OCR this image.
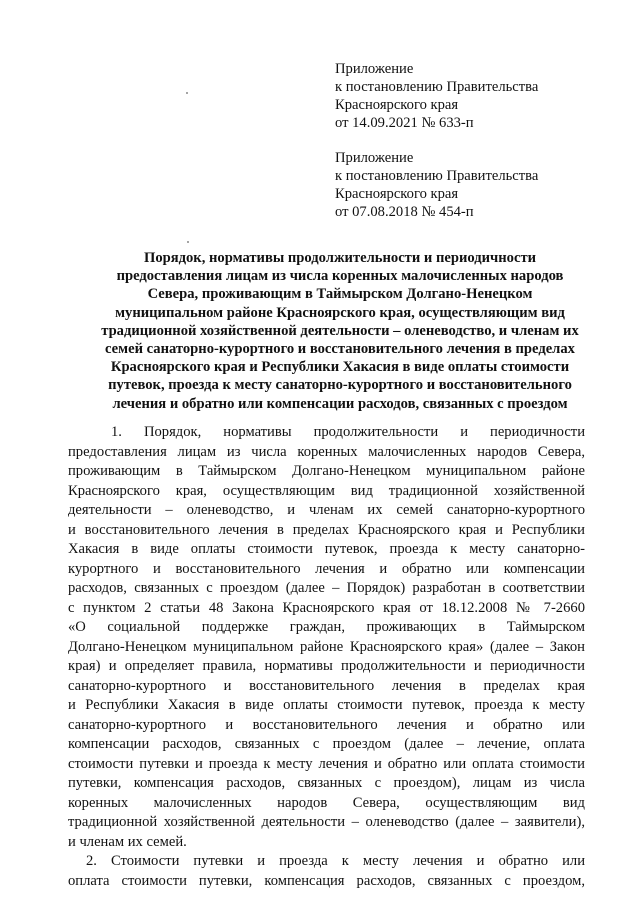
Приложение
к постановлению Правительства
Красноярского края
от 14.09.2021 № 633-п
Приложение
к постановлению Правительства
Красноярского края
от 07.08.2018 № 454-п
Порядок, нормативы продолжительности и периодичности
предоставления лицам из числа коренных малочисленных народов
Севера, проживающим в Таймырском Долгано-Ненецком
муниципальном районе Красноярского края, осуществляющим вид
традиционной хозяйственной деятельности – оленеводство, и членам их
семей санаторно-курортного и восстановительного лечения в пределах
Красноярского края и Республики Хакасия в виде оплаты стоимости
путевок, проезда к месту санаторно-курортного и восстановительного
лечения и обратно или компенсации расходов, связанных с проездом
1. Порядок, нормативы продолжительности и периодичности
предоставления лицам из числа коренных малочисленных народов Севера,
проживающим в Таймырском Долгано-Ненецком муниципальном районе
Красноярского края, осуществляющим вид традиционной хозяйственной
деятельности – оленеводство, и членам их семей санаторно-курортного
и восстановительного лечения в пределах Красноярского края и Республики
Хакасия в виде оплаты стоимости путевок, проезда к месту санаторно-
курортного и восстановительного лечения и обратно или компенсации
расходов, связанных с проездом (далее – Порядок) разработан в соответствии
с пунктом 2 статьи 48 Закона Красноярского края от 18.12.2008 № 7-2660
«О социальной поддержке граждан, проживающих в Таймырском
Долгано-Ненецком муниципальном районе Красноярского края» (далее – Закон
края) и определяет правила, нормативы продолжительности и периодичности
санаторно-курортного и восстановительного лечения в пределах края
и Республики Хакасия в виде оплаты стоимости путевок, проезда к месту
санаторно-курортного и восстановительного лечения и обратно или
компенсации расходов, связанных с проездом (далее – лечение, оплата
стоимости путевки и проезда к месту лечения и обратно или оплата стоимости
путевки, компенсация расходов, связанных с проездом), лицам из числа
коренных малочисленных народов Севера, осуществляющим вид
традиционной хозяйственной деятельности – оленеводство (далее – заявители),
и членам их семей.
2. Стоимости путевки и проезда к месту лечения и обратно или
оплата стоимости путевки, компенсация расходов, связанных с проездом,
